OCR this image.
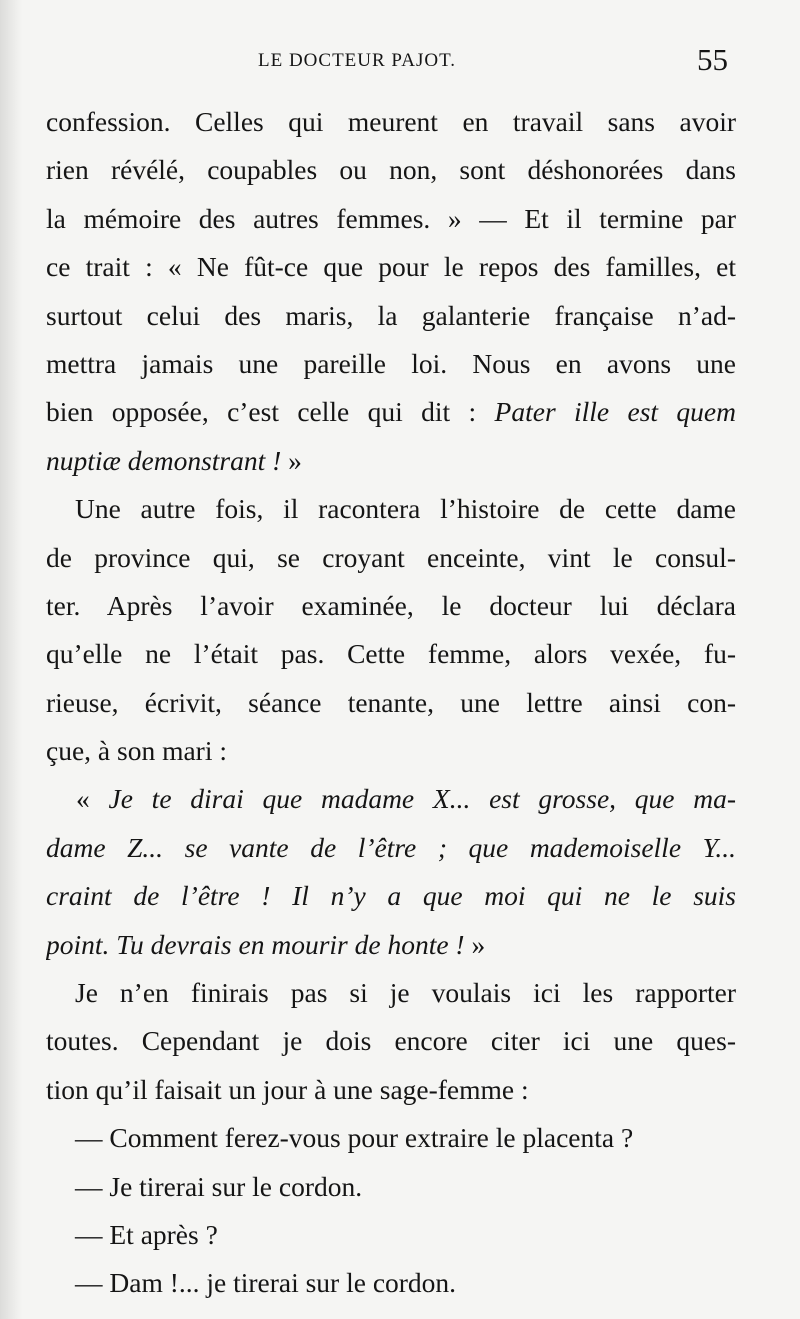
LE DOCTEUR PAJOT.	55
confession. Celles qui meurent en travail sans avoir
rien révélé, coupables ou non, sont déshonorées dans
la mémoire des autres femmes. » — Et il termine par
ce trait : « Ne fût-ce que pour le repos des familles, et
surtout celui des maris, la galanterie française n’ad-
mettra jamais une pareille loi. Nous en avons une
bien opposée, c’est celle qui dit : Pater ille est quem
nuptiæ demonstrant ! »
Une autre fois, il racontera l’histoire de cette dame
de province qui, se croyant enceinte, vint le consul-
ter. Après l’avoir examinée, le docteur lui déclara
qu’elle ne l’était pas. Cette femme, alors vexée, fu-
rieuse, écrivit, séance tenante, une lettre ainsi con-
çue, à son mari :
« Je te dirai que madame X... est grosse, que ma-
dame Z... se vante de l’être ; que mademoiselle Y...
craint de l’être ! Il n’y a que moi qui ne le suis
point. Tu devrais en mourir de honte ! »
Je n’en finirais pas si je voulais ici les rapporter
toutes. Cependant je dois encore citer ici une ques-
tion qu’il faisait un jour à une sage-femme :
— Comment ferez-vous pour extraire le placenta ?
— Je tirerai sur le cordon.
— Et après ?
— Dam !... je tirerai sur le cordon.
